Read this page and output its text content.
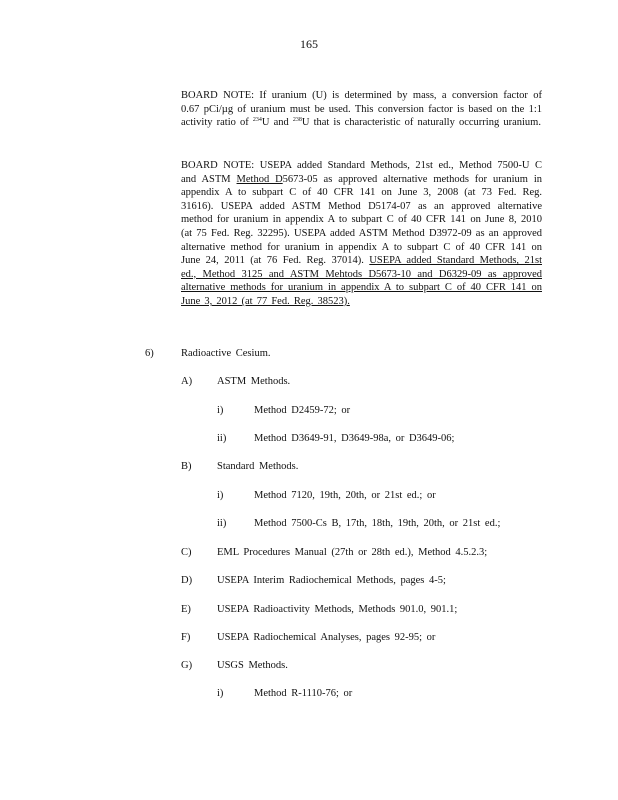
165

BOARD NOTE: If uranium (U) is determined by mass, a conversion factor of 0.67 pCi/µg of uranium must be used. This conversion factor is based on the 1:1 activity ratio of $^{234}$U and $^{238}$U that is characteristic of naturally occurring uranium.

BOARD NOTE: USEPA added Standard Methods, 21st ed., Method 7500-U C and ASTM Method D5673-05 as approved alternative methods for uranium in appendix A to subpart C of 40 CFR 141 on June 3, 2008 (at 73 Fed. Reg. 31616). USEPA added ASTM Method D5174-07 as an approved alternative method for uranium in appendix A to subpart C of 40 CFR 141 on June 8, 2010 (at 75 Fed. Reg. 32295). USEPA added ASTM Method D3972-09 as an approved alternative method for uranium in appendix A to subpart C of 40 CFR 141 on June 24, 2011 (at 76 Fed. Reg. 37014). USEPA added Standard Methods, 21st ed., Method 3125 and ASTM Mehtods D5673-10 and D6329-09 as approved alternative methods for uranium in appendix A to subpart C of 40 CFR 141 on June 3, 2012 (at 77 Fed. Reg. 38523).

6)	Radioactive Cesium.
A) ASTM Methods.
i)	Method D2459-72; or
ii)	Method D3649-91, D3649-98a, or D3649-06;
B) Standard Methods.
i)	Method 7120, 19th, 20th, or 21st ed.; or
ii)	Method 7500-Cs B, 17th, 18th, 19th, 20th, or 21st ed.;
C) EML Procedures Manual (27th or 28th ed.), Method 4.5.2.3;
D) USEPA Interim Radiochemical Methods, pages 4-5;
E) USEPA Radioactivity Methods, Methods 901.0, 901.1;
F)	USEPA Radiochemical Analyses, pages 92-95; or
G) USGS Methods.
i)	Method R-1110-76; or
